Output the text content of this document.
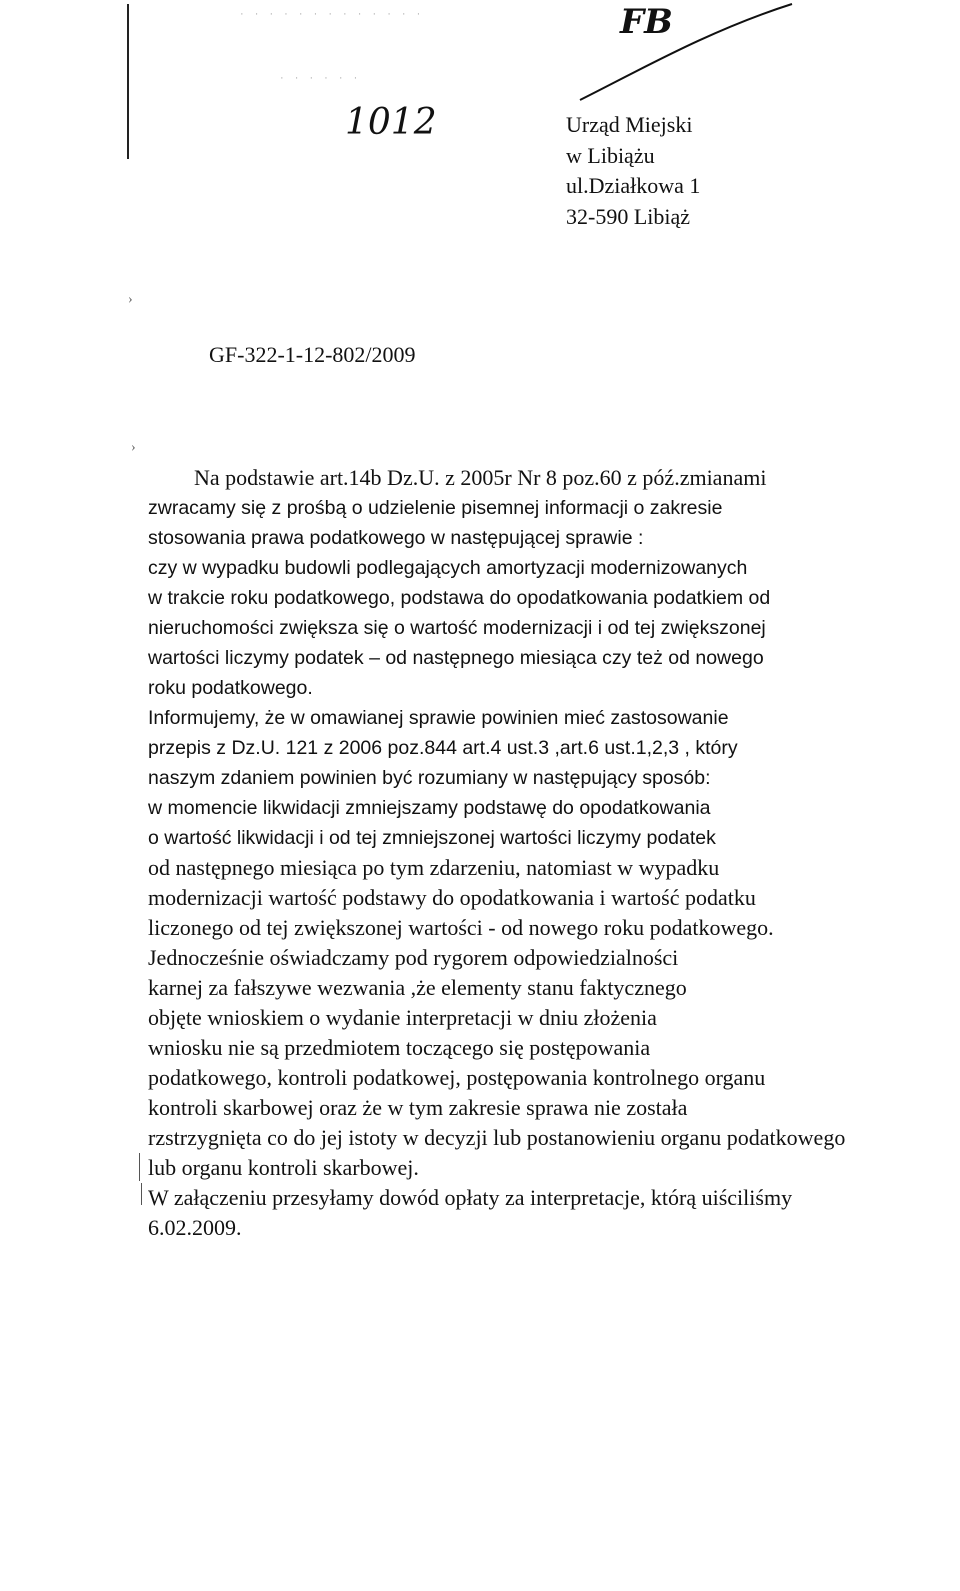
· · · · · · · · · · · · ·
· · · · · ·
FB
1012	Urząd Miejski
w Libiążu
ul.Działkowa 1
32-590 Libiąż
›
›
GF-322-1-12-802/2009
Na podstawie art.14b Dz.U. z 2005r Nr 8 poz.60 z póź.zmianami
zwracamy się z prośbą o udzielenie pisemnej informacji o zakresie
stosowania prawa podatkowego w następującej sprawie :
czy w wypadku budowli podlegających amortyzacji modernizowanych
w trakcie roku podatkowego, podstawa do opodatkowania podatkiem od
nieruchomości zwiększa się o wartość modernizacji i od tej zwiększonej
wartości liczymy podatek – od następnego miesiąca czy też od nowego
roku podatkowego.
Informujemy, że w omawianej sprawie powinien mieć zastosowanie
przepis z Dz.U. 121 z 2006 poz.844 art.4 ust.3 ,art.6 ust.1,2,3 , który
naszym zdaniem powinien być rozumiany w następujący sposób:
w momencie likwidacji zmniejszamy podstawę do opodatkowania
o wartość likwidacji i od tej zmniejszonej wartości liczymy podatek
od następnego miesiąca po tym zdarzeniu, natomiast w wypadku
modernizacji wartość podstawy do opodatkowania i wartość podatku
liczonego od tej zwiększonej wartości - od nowego roku podatkowego.
Jednocześnie oświadczamy pod rygorem odpowiedzialności
karnej za fałszywe wezwania ,że elementy stanu faktycznego
objęte wnioskiem o wydanie interpretacji w dniu złożenia
wniosku nie są przedmiotem toczącego się postępowania
podatkowego, kontroli podatkowej, postępowania kontrolnego organu
kontroli skarbowej oraz że w tym zakresie sprawa nie została
rzstrzygnięta co do jej istoty w decyzji lub postanowieniu organu podatkowego
lub organu kontroli skarbowej.
W załączeniu przesyłamy dowód opłaty za interpretacje, którą uiściliśmy
6.02.2009.
